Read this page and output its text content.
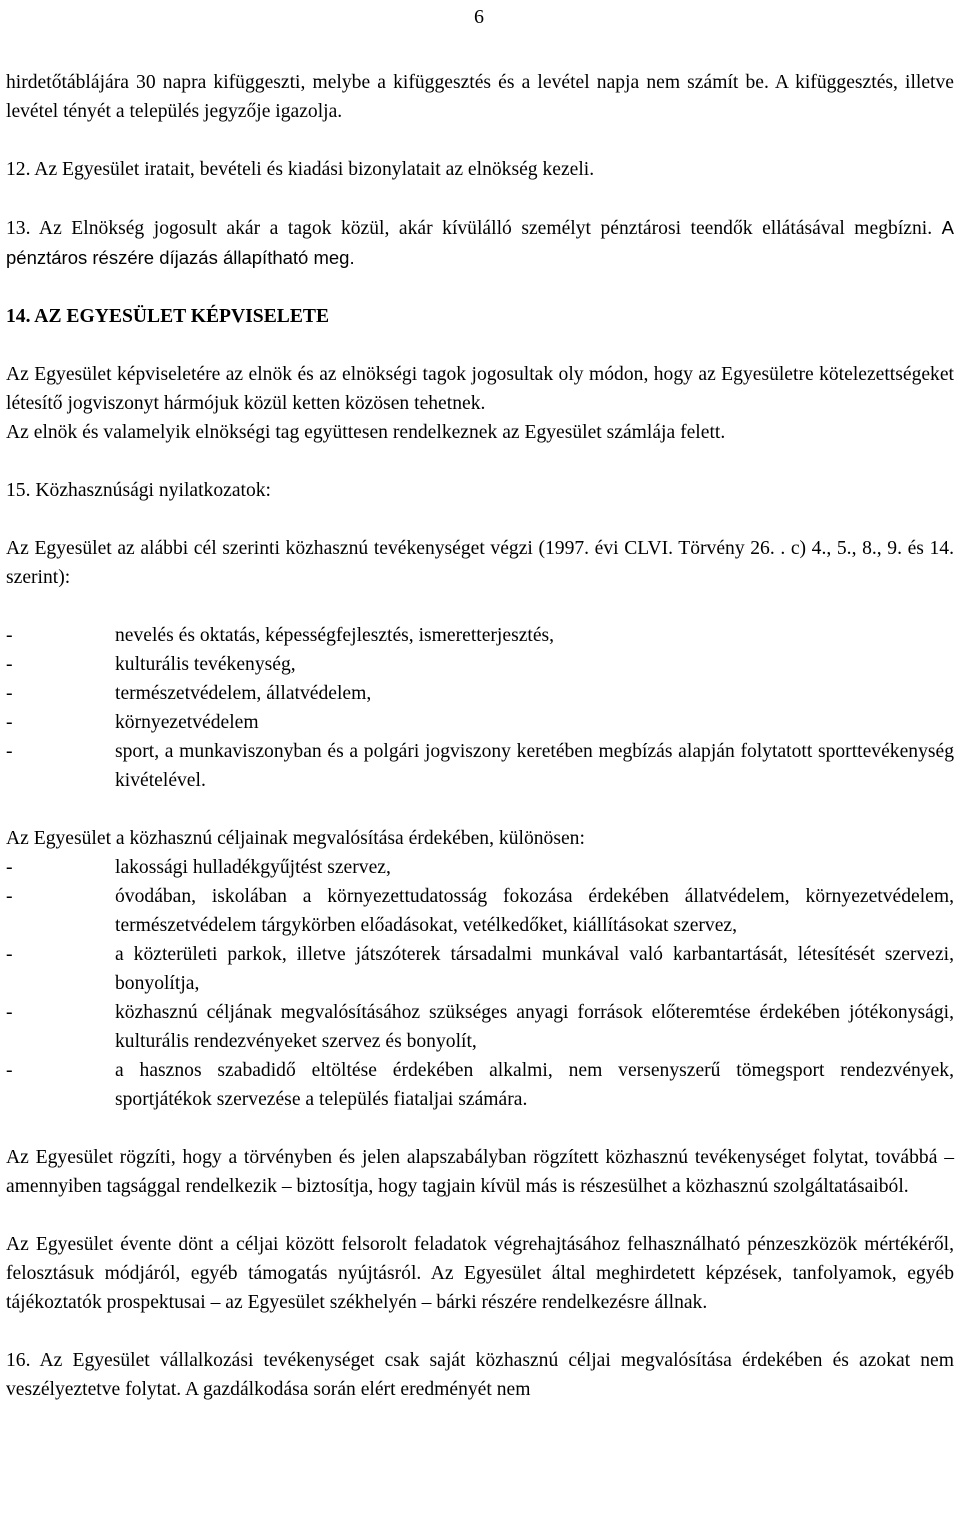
6

hirdetőtáblájára 30 napra kifüggeszti, melybe a kifüggesztés és a levétel napja nem számít be. A kifüggesztés, illetve levétel tényét a település jegyzője igazolja.

12. Az Egyesület iratait, bevételi és kiadási bizonylatait az elnökség kezeli.

13. Az Elnökség jogosult akár a tagok közül, akár kívülálló személyt pénztárosi teendők ellátásával megbízni. A pénztáros részére díjazás állapítható meg.

14. AZ EGYESÜLET KÉPVISELETE

Az Egyesület képviseletére az elnök és az elnökségi tagok jogosultak oly módon, hogy az Egyesületre kötelezettségeket létesítő jogviszonyt hármójuk közül ketten közösen tehetnek.

Az elnök és valamelyik elnökségi tag együttesen rendelkeznek az Egyesület számlája felett.

15. Közhasznúsági nyilatkozatok:

Az Egyesület az alábbi cél szerinti közhasznú tevékenységet végzi (1997. évi CLVI. Törvény 26. . c) 4., 5., 8., 9. és 14. szerint):

-	nevelés és oktatás, képességfejlesztés, ismeretterjesztés,
-	kulturális tevékenység,
-	természetvédelem, állatvédelem,
-	környezetvédelem
-	sport, a munkaviszonyban és a polgári jogviszony keretében megbízás alapján folytatott sporttevékenység kivételével.

Az Egyesület a közhasznú céljainak megvalósítása érdekében, különösen:

-	lakossági hulladékgyűjtést szervez,
-	óvodában, iskolában a környezettudatosság fokozása érdekében állatvédelem, környezetvédelem, természetvédelem tárgykörben előadásokat, vetélkedőket, kiállításokat szervez,
-	a közterületi parkok, illetve játszóterek társadalmi munkával való karbantartását, létesítését szervezi, bonyolítja,
-	közhasznú céljának megvalósításához szükséges anyagi források előteremtése érdekében jótékonysági, kulturális rendezvényeket szervez és bonyolít,
-	a hasznos szabadidő eltöltése érdekében alkalmi, nem versenyszerű tömegsport rendezvények, sportjátékok szervezése a település fiataljai számára.

Az Egyesület rögzíti, hogy a törvényben és jelen alapszabályban rögzített közhasznú tevékenységet folytat, továbbá – amennyiben tagsággal rendelkezik – biztosítja, hogy tagjain kívül más is részesülhet a közhasznú szolgáltatásaiból.

Az Egyesület évente dönt a céljai között felsorolt feladatok végrehajtásához felhasználható pénzeszközök mértékéről, felosztásuk módjáról, egyéb támogatás nyújtásról. Az Egyesület által meghirdetett képzések, tanfolyamok, egyéb tájékoztatók prospektusai – az Egyesület székhelyén – bárki részére rendelkezésre állnak.

16. Az Egyesület vállalkozási tevékenységet csak saját közhasznú céljai megvalósítása érdekében és azokat nem veszélyeztetve folytat. A gazdálkodása során elért eredményét nem
